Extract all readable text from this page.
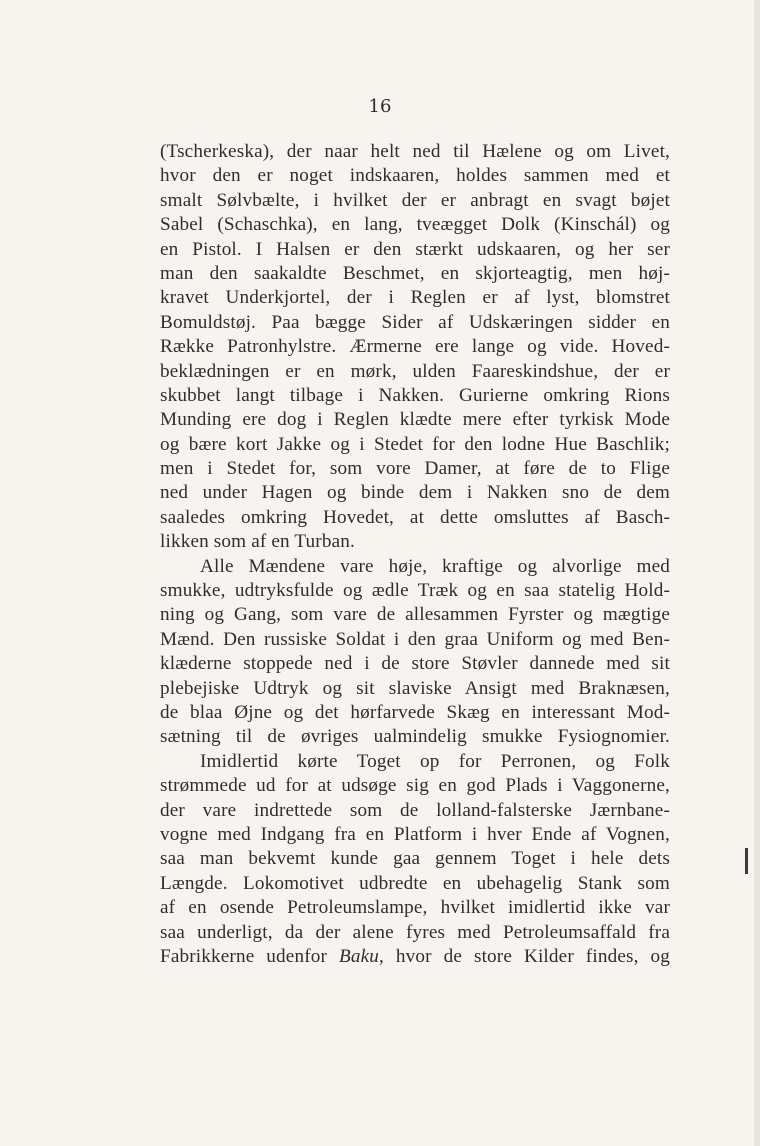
16
(Tscherkeska), der naar helt ned til Hælene og om Livet,
hvor den er noget indskaaren, holdes sammen med et
smalt Sølvbælte, i hvilket der er anbragt en svagt bøjet
Sabel (Schaschka), en lang, tveægget Dolk (Kinschál) og
en Pistol. I Halsen er den stærkt udskaaren, og her ser
man den saakaldte Beschmet, en skjorteagtig, men høj-
kravet Underkjortel, der i Reglen er af lyst, blomstret
Bomuldstøj. Paa bægge Sider af Udskæringen sidder en
Række Patronhylstre. Ærmerne ere lange og vide. Hoved-
beklædningen er en mørk, ulden Faareskindshue, der er
skubbet langt tilbage i Nakken. Gurierne omkring Rions
Munding ere dog i Reglen klædte mere efter tyrkisk Mode
og bære kort Jakke og i Stedet for den lodne Hue Baschlik;
men i Stedet for, som vore Damer, at føre de to Flige
ned under Hagen og binde dem i Nakken sno de dem
saaledes omkring Hovedet, at dette omsluttes af Basch-
likken som af en Turban.
Alle Mændene vare høje, kraftige og alvorlige med
smukke, udtryksfulde og ædle Træk og en saa statelig Hold-
ning og Gang, som vare de allesammen Fyrster og mægtige
Mænd. Den russiske Soldat i den graa Uniform og med Ben-
klæderne stoppede ned i de store Støvler dannede med sit
plebejiske Udtryk og sit slaviske Ansigt med Braknæsen,
de blaa Øjne og det hørfarvede Skæg en interessant Mod-
sætning til de øvriges ualmindelig smukke Fysiognomier.
Imidlertid kørte Toget op for Perronen, og Folk
strømmede ud for at udsøge sig en god Plads i Vaggonerne,
der vare indrettede som de lolland-falsterske Jærnbane-
vogne med Indgang fra en Platform i hver Ende af Vognen,
saa man bekvemt kunde gaa gennem Toget i hele dets
Længde. Lokomotivet udbredte en ubehagelig Stank som
af en osende Petroleumslampe, hvilket imidlertid ikke var
saa underligt, da der alene fyres med Petroleumsaffald fra
Fabrikkerne udenfor Baku, hvor de store Kilder findes, og
